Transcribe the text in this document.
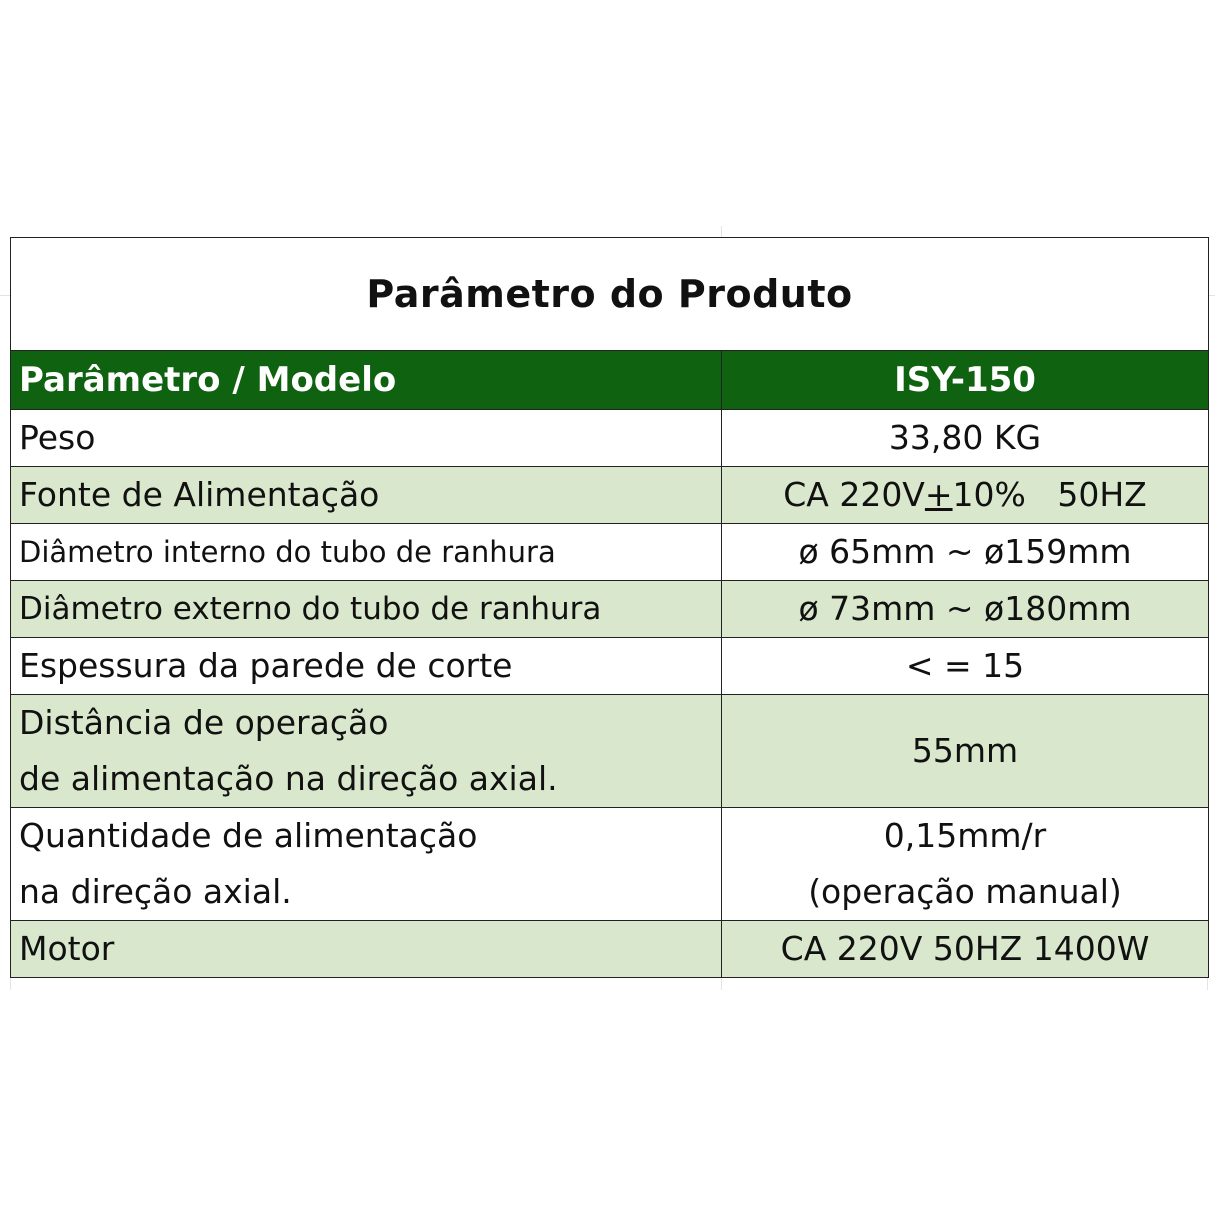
Parâmetro do Produto	
Parâmetro / Modelo	ISY-150
Peso	33,80 KG
Fonte de Alimentação	CA 220V+10%   50HZ
Diâmetro interno do tubo de ranhura	ø 65mm ~ ø159mm
Diâmetro externo do tubo de ranhura	ø 73mm ~ ø180mm
Espessura da parede de corte	< = 15

Distância de operação
de alimentação na direção axial.	55mm

Quantidade de alimentação
na direção axial.	0,15mm/r
(operação manual)

Motor	CA 220V 50HZ 1400W
